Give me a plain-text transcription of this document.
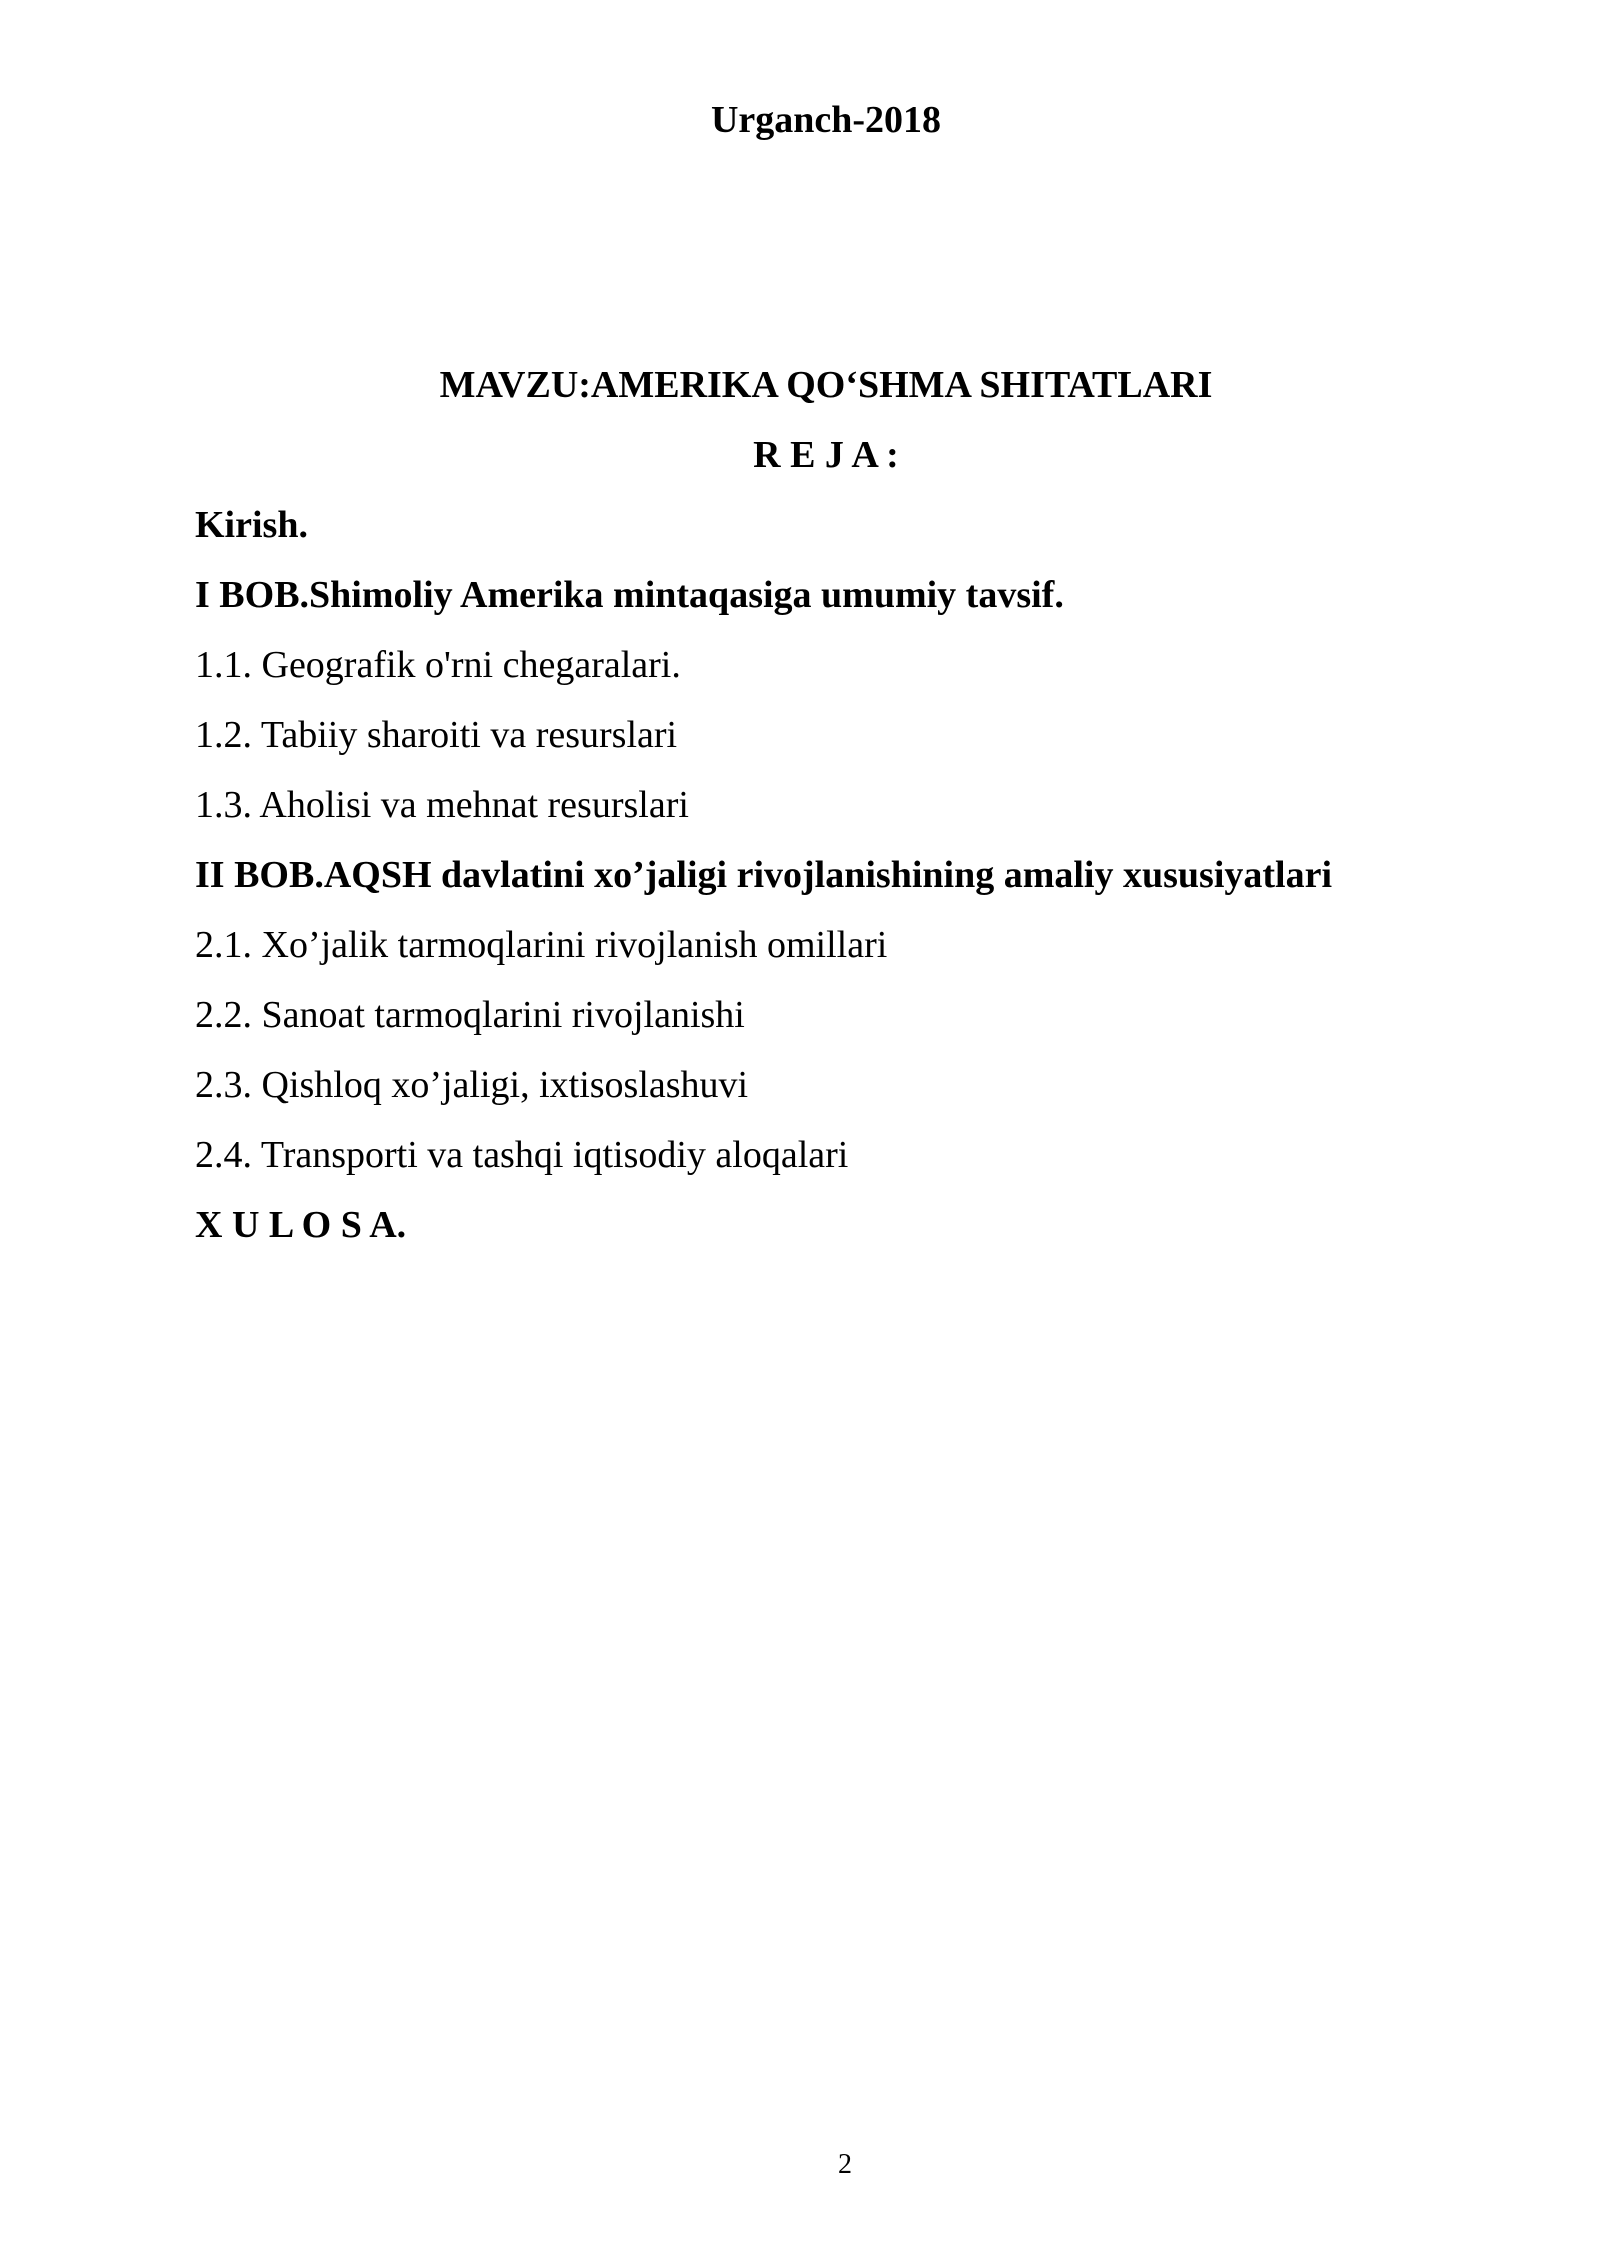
Urganch-2018
MAVZU:AMERIKA QO‘SHMA SHITATLARI
R E J A :
Kirish.
I BOB.Shimoliy Amerika mintaqasiga umumiy tavsif.
1.1. Geografik o'rni chegaralari.
1.2. Tabiiy sharoiti va resurslari
1.3. Aholisi va mehnat resurslari
II BOB.AQSH davlatini xo’jaligi rivojlanishining amaliy xususiyatlari
2.1. Xo’jalik tarmoqlarini rivojlanish omillari
2.2. Sanoat tarmoqlarini rivojlanishi
2.3. Qishloq xo’jaligi, ixtisoslashuvi
2.4. Transporti va tashqi iqtisodiy aloqalari
X U L O S A.
2
